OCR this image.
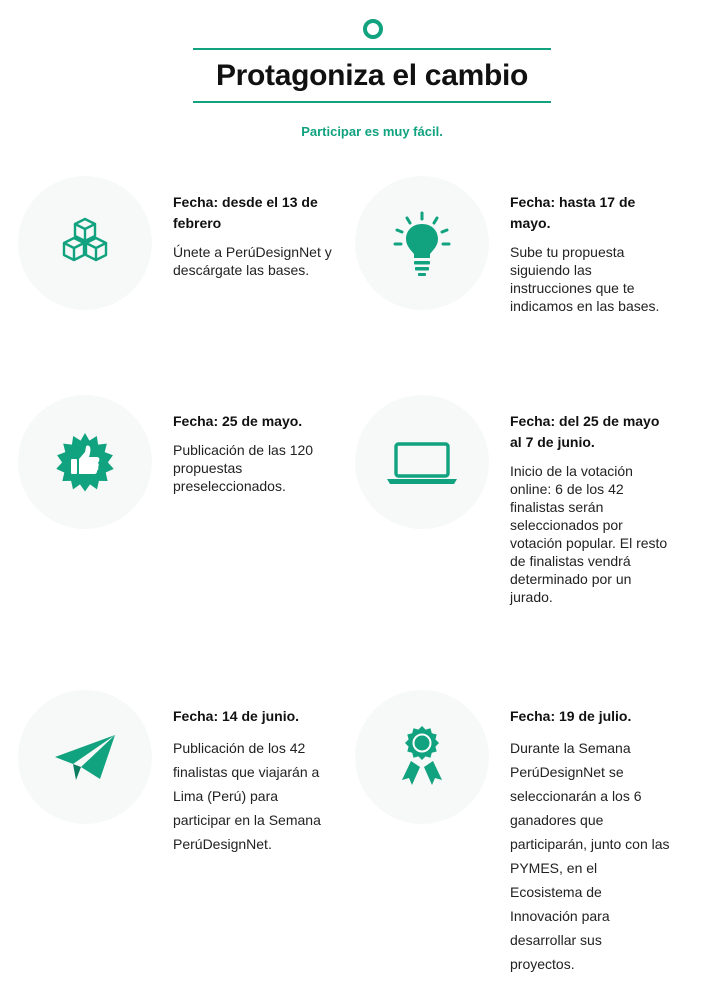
Protagoniza el cambio

Participar es muy fácil.

Fecha: desde el 13 de febrero

Únete a PerúDesignNet y descárgate las bases.

Fecha: hasta 17 de mayo.

Sube tu propuesta siguiendo las instrucciones que te indicamos en las bases.

Fecha: 25 de mayo.

Publicación de las 120 propuestas preseleccionados.

Fecha: del 25 de mayo al 7 de junio.

Inicio de la votación online: 6 de los 42 finalistas serán seleccionados por votación popular. El resto de finalistas vendrá determinado por un jurado.

Fecha: 14 de junio.

Publicación de los 42 finalistas que viajarán a Lima (Perú) para participar en la Semana PerúDesignNet.

Fecha: 19 de julio.

Durante la Semana PerúDesignNet se seleccionarán a los 6 ganadores que participarán, junto con las PYMES, en el Ecosistema de Innovación para desarrollar sus proyectos.
